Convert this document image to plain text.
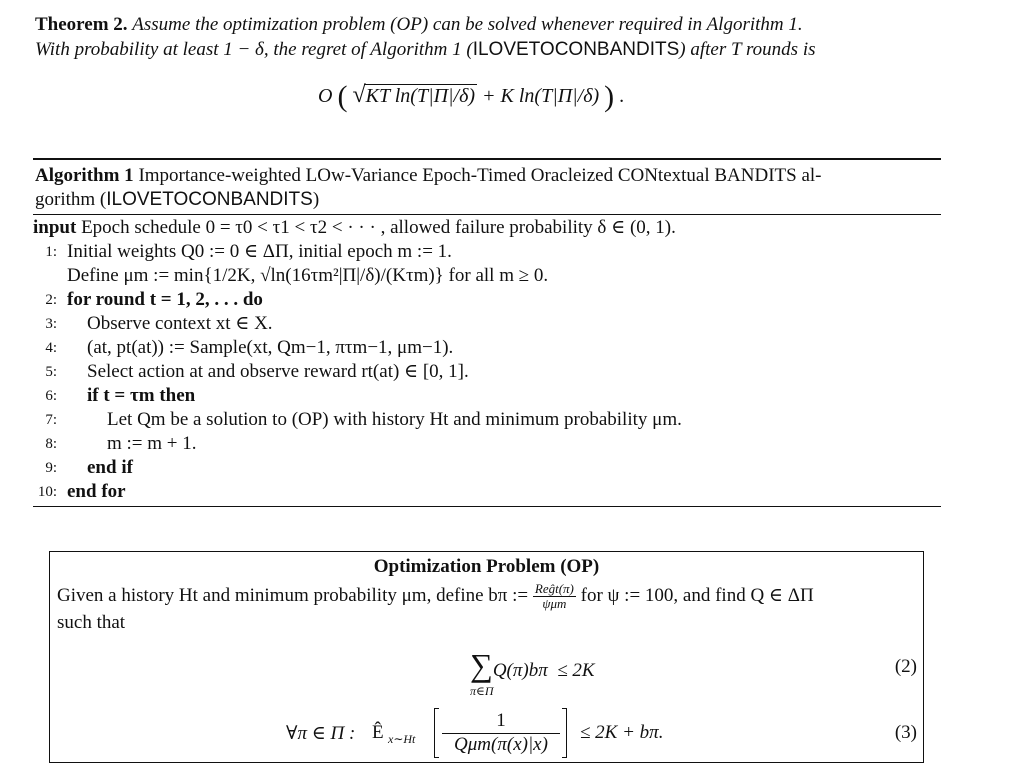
Theorem 2. Assume the optimization problem (OP) can be solved whenever required in Algorithm 1.
With probability at least 1 − δ, the regret of Algorithm 1 (ILOVETOCONBANDITS) after T rounds is
O ( √KT ln(T|Π|/δ) + K ln(T|Π|/δ) ) .
Algorithm 1 Importance-weighted LOw-Variance Epoch-Timed Oracleized CONtextual BANDITS al-
gorithm (ILOVETOCONBANDITS)
input Epoch schedule 0 = τ0 < τ1 < τ2 < · · · , allowed failure probability δ ∈ (0, 1).
1: Initial weights Q0 := 0 ∈ ΔΠ, initial epoch m := 1.
Define μm := min{1/2K, √ln(16τm²|Π|/δ)/(Kτm)} for all m ≥ 0.
2: for round t = 1, 2, . . . do
3: Observe context xt ∈ X.
4: (at, pt(at)) := Sample(xt, Qm−1, πτm−1, μm−1).
5: Select action at and observe reward rt(at) ∈ [0, 1].
6: if t = τm then
7:	Let Qm be a solution to (OP) with history Ht and minimum probability μm.
8:	m := m + 1.
9: end if
10: end for
Optimization Problem (OP)
Given a history Ht and minimum probability μm, define bπ := $\frac{\text{Reĝt(π)}}{\text{ψμm}}$ for ψ := 100, and find Q ∈ ΔΠ
such that
∑Q(π)bπ ≤ 2K
π∈Π
(2)
∀π ∈ Π : Ê x∼Ht
1
Qμm(π(x)|x)
≤ 2K + bπ.	(3)
